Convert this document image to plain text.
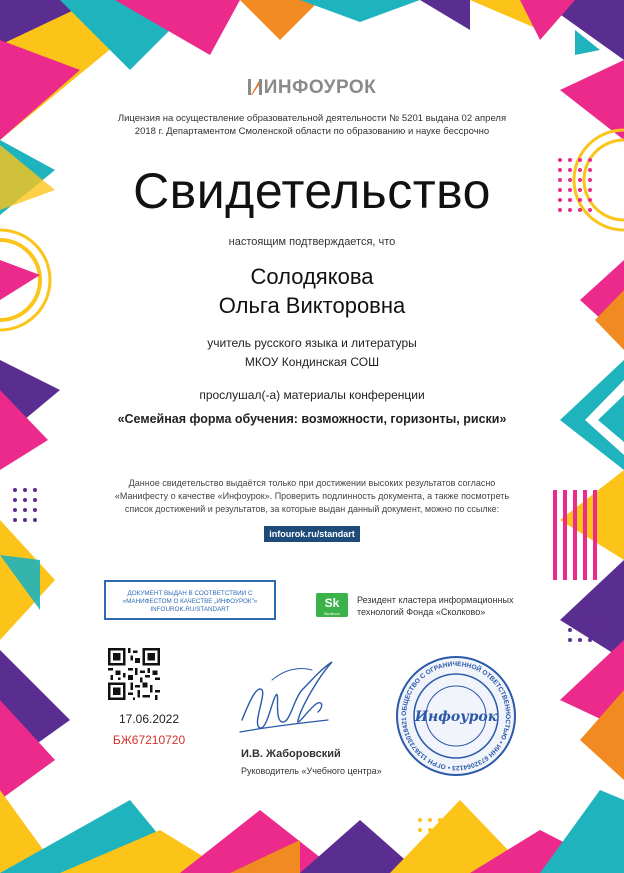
ИНФОУРОК
Лицензия на осуществление образовательной деятельности № 5201 выдана 02 апреля
2018 г. Департаментом Смоленской области по образованию и науке бессрочно
Свидетельство
настоящим подтверждается, что
Солодякова
Ольга Викторовна
учитель русского языка и литературы
МКОУ Кондинская СОШ
прослушал(-а) материалы конференции
«Семейная форма обучения: возможности, горизонты, риски»
Данное свидетельство выдаётся только при достижении высоких результатов согласно
«Манифесту о качестве «Инфоурок». Проверить подлинность документа, а также посмотреть
список достижений и результатов, за которые выдан данный документ, можно по ссылке:
infourok.ru/standart
ДОКУМЕНТ ВЫДАН В СООТВЕТСТВИИ С
«МАНИФЕСТОМ О КАЧЕСТВЕ „ИНФОУРОК"»
INFOUROK.RU/STANDART	Sk
Skolkovo
Резидент кластера информационных
технологий Фонда «Сколково»
17.06.2022
БЖ67210720
И.В. Жаборовский
Руководитель «Учебного центра»
ОБЩЕСТВО С ОГРАНИЧЕННОЙ ОТВЕТСТВЕННОСТЬЮ • ИНН 6732064123 • ОГРН 1136733018421 Инфоурок
